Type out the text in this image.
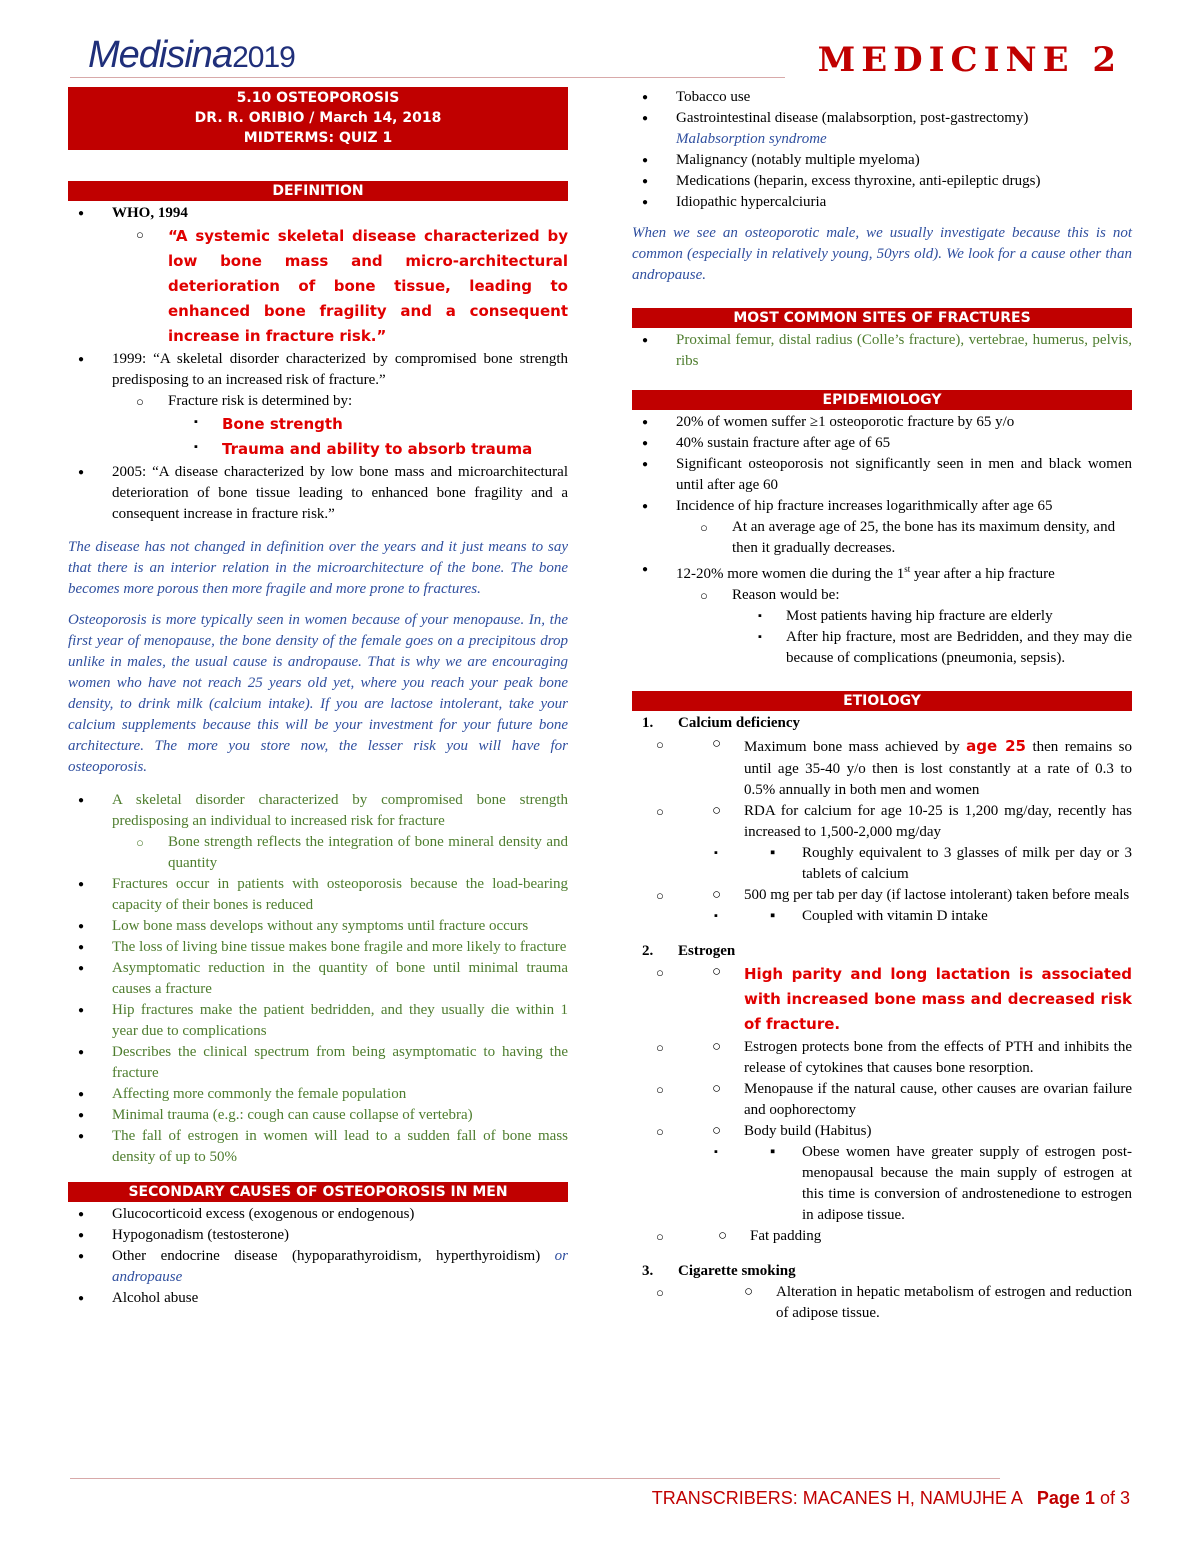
Medisina2019	MEDICINE 2
5.10 OSTEOPOROSIS
DR. R. ORIBIO / March 14, 2018
MIDTERMS: QUIZ 1
DEFINITION
● WHO, 1994
○ “A systemic skeletal disease characterized by low bone mass and micro-architectural deterioration of bone tissue, leading to enhanced bone fragility and a consequent increase in fracture risk.”
● 1999: “A skeletal disorder characterized by compromised bone strength predisposing to an increased risk of fracture.”
○ Fracture risk is determined by:
▪ Bone strength
▪ Trauma and ability to absorb trauma
● 2005: “A disease characterized by low bone mass and microarchitectural deterioration of bone tissue leading to enhanced bone fragility and a consequent increase in fracture risk.”

The disease has not changed in definition over the years and it just means to say that there is an interior relation in the microarchitecture of the bone. The bone becomes more porous then more fragile and more prone to fractures.

Osteoporosis is more typically seen in women because of your menopause. In, the first year of menopause, the bone density of the female goes on a precipitous drop unlike in males, the usual cause is andropause. That is why we are encouraging women who have not reach 25 years old yet, where you reach your peak bone density, to drink milk (calcium intake). If you are lactose intolerant, take your calcium supplements because this will be your investment for your future bone architecture. The more you store now, the lesser risk you will have for osteoporosis.

● A skeletal disorder characterized by compromised bone strength predisposing an individual to increased risk for fracture
○ Bone strength reflects the integration of bone mineral density and quantity
● Fractures occur in patients with osteoporosis because the load-bearing capacity of their bones is reduced
● Low bone mass develops without any symptoms until fracture occurs
● The loss of living bine tissue makes bone fragile and more likely to fracture
● Asymptomatic reduction in the quantity of bone until minimal trauma causes a fracture
● Hip fractures make the patient bedridden, and they usually die within 1 year due to complications
● Describes the clinical spectrum from being asymptomatic to having the fracture
● Affecting more commonly the female population
● Minimal trauma (e.g.: cough can cause collapse of vertebra)
● The fall of estrogen in women will lead to a sudden fall of bone mass density of up to 50%
SECONDARY CAUSES OF OSTEOPOROSIS IN MEN
● Glucocorticoid excess (exogenous or endogenous)
● Hypogonadism (testosterone)
● Other endocrine disease (hypoparathyroidism, hyperthyroidism) or andropause
● Alcohol abuse
● Tobacco use
● Gastrointestinal disease (malabsorption, post-gastrectomy)
Malabsorption syndrome
● Malignancy (notably multiple myeloma)
● Medications (heparin, excess thyroxine, anti-epileptic drugs)
● Idiopathic hypercalciuria

When we see an osteoporotic male, we usually investigate because this is not common (especially in relatively young, 50yrs old). We look for a cause other than andropause.

MOST COMMON SITES OF FRACTURES
● Proximal femur, distal radius (Colle’s fracture), vertebrae, humerus, pelvis, ribs
EPIDEMIOLOGY
● 20% of women suffer ≥1 osteoporotic fracture by 65 y/o
● 40% sustain fracture after age of 65
● Significant osteoporosis not significantly seen in men and black women until after age 60
● Incidence of hip fracture increases logarithmically after age 65
○ At an average age of 25, the bone has its maximum density, and then it gradually decreases.
● 12-20% more women die during the 1st year after a hip fracture
○ Reason would be:
▪ Most patients having hip fracture are elderly
▪ After hip fracture, most are Bedridden, and they may die because of complications (pneumonia, sepsis).
ETIOLOGY
1. Calcium deficiency
○ ○ Maximum bone mass achieved by age 25 then remains so until age 35-40 y/o then is lost constantly at a rate of 0.3 to 0.5% annually in both men and women
○ ○ RDA for calcium for age 10-25 is 1,200 mg/day, recently has increased to 1,500-2,000 mg/day
▪ ▪ Roughly equivalent to 3 glasses of milk per day or 3 tablets of calcium
○ ○ 500 mg per tab per day (if lactose intolerant) taken before meals
▪ ▪ Coupled with vitamin D intake
2. Estrogen
○ ○ High parity and long lactation is associated with increased bone mass and decreased risk of fracture.
○ ○ Estrogen protects bone from the effects of PTH and inhibits the release of cytokines that causes bone resorption.
○ ○ Menopause if the natural cause, other causes are ovarian failure and oophorectomy
○ ○ Body build (Habitus)
▪ ▪ Obese women have greater supply of estrogen post-menopausal because the main supply of estrogen at this time is conversion of androstenedione to estrogen in adipose tissue.
○ ○ Fat padding
3. Cigarette smoking
○ ○ Alteration in hepatic metabolism of estrogen and reduction of adipose tissue.
TRANSCRIBERS: MACANES H, NAMUJHE A Page 1 of 3
